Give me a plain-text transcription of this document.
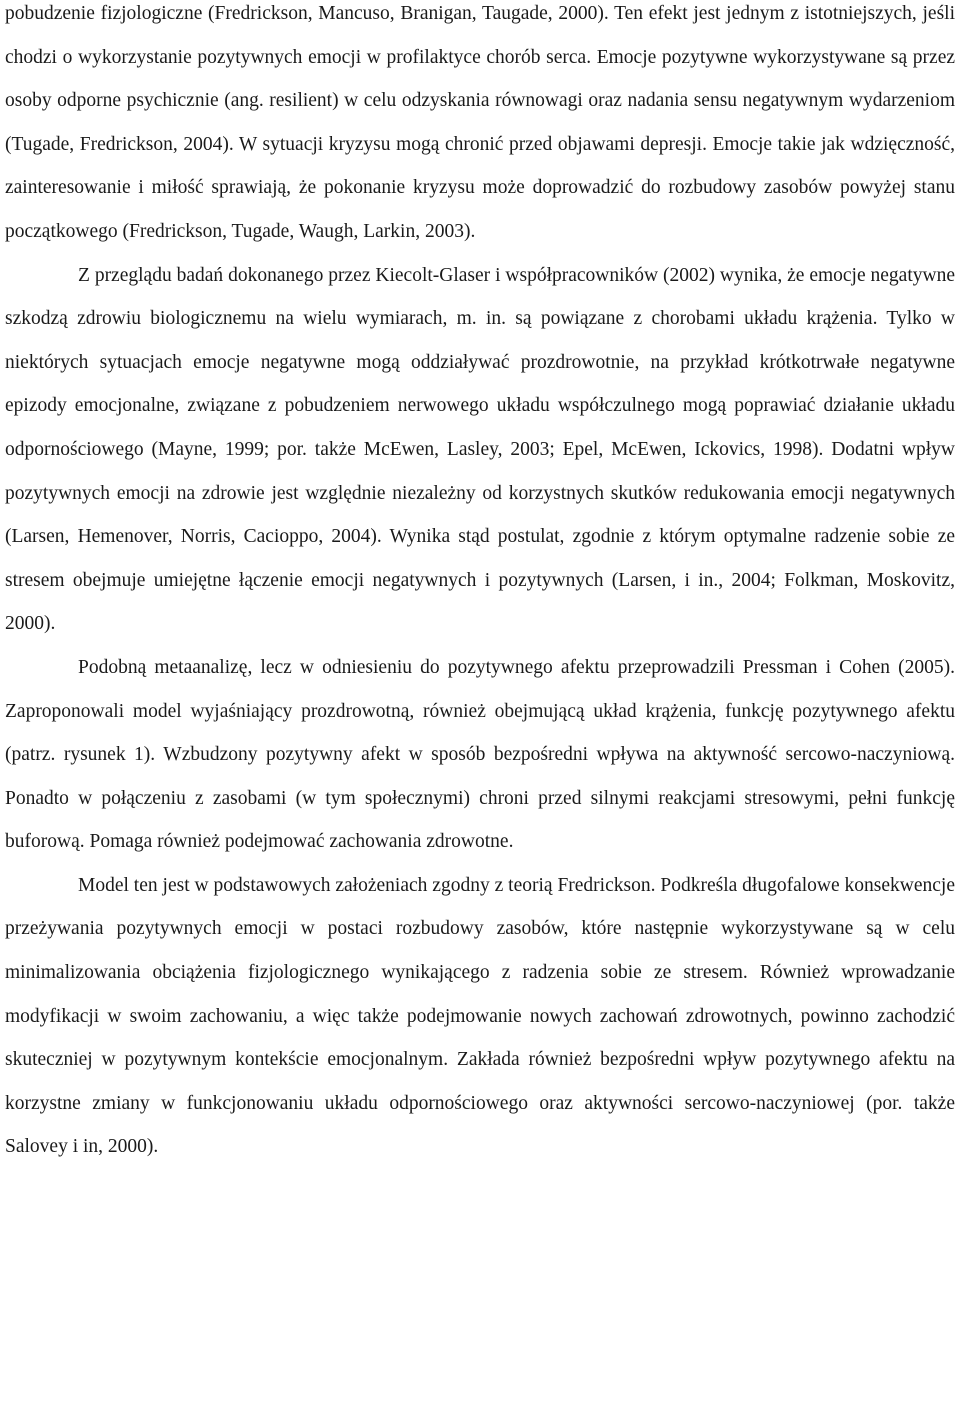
pobudzenie fizjologiczne (Fredrickson, Mancuso, Branigan, Taugade, 2000). Ten efekt jest jednym z istotniejszych, jeśli chodzi o wykorzystanie pozytywnych emocji w profilaktyce chorób serca. Emocje pozytywne wykorzystywane są przez osoby odporne psychicznie (ang. resilient) w celu odzyskania równowagi oraz nadania sensu negatywnym wydarzeniom (Tugade, Fredrickson, 2004). W sytuacji kryzysu mogą chronić przed objawami depresji. Emocje takie jak wdzięczność, zainteresowanie i miłość sprawiają, że pokonanie kryzysu może doprowadzić do rozbudowy zasobów powyżej stanu początkowego (Fredrickson, Tugade, Waugh, Larkin, 2003).

Z przeglądu badań dokonanego przez Kiecolt-Glaser i współpracowników (2002) wynika, że emocje negatywne szkodzą zdrowiu biologicznemu na wielu wymiarach, m. in. są powiązane z chorobami układu krążenia. Tylko w niektórych sytuacjach emocje negatywne mogą oddziaływać prozdrowotnie, na przykład krótkotrwałe negatywne epizody emocjonalne, związane z pobudzeniem nerwowego układu współczulnego mogą poprawiać działanie układu odpornościowego (Mayne, 1999; por. także McEwen, Lasley, 2003; Epel, McEwen, Ickovics, 1998). Dodatni wpływ pozytywnych emocji na zdrowie jest względnie niezależny od korzystnych skutków redukowania emocji negatywnych (Larsen, Hemenover, Norris, Cacioppo, 2004). Wynika stąd postulat, zgodnie z którym optymalne radzenie sobie ze stresem obejmuje umiejętne łączenie emocji negatywnych i pozytywnych (Larsen, i in., 2004; Folkman, Moskovitz, 2000).

Podobną metaanalizę, lecz w odniesieniu do pozytywnego afektu przeprowadzili Pressman i Cohen (2005). Zaproponowali model wyjaśniający prozdrowotną, również obejmującą układ krążenia, funkcję pozytywnego afektu (patrz. rysunek 1). Wzbudzony pozytywny afekt w sposób bezpośredni wpływa na aktywność sercowo-naczyniową. Ponadto w połączeniu z zasobami (w tym społecznymi) chroni przed silnymi reakcjami stresowymi, pełni funkcję buforową. Pomaga również podejmować zachowania zdrowotne.

Model ten jest w podstawowych założeniach zgodny z teorią Fredrickson. Podkreśla długofalowe konsekwencje przeżywania pozytywnych emocji w postaci rozbudowy zasobów, które następnie wykorzystywane są w celu minimalizowania obciążenia fizjologicznego wynikającego z radzenia sobie ze stresem. Również wprowadzanie modyfikacji w swoim zachowaniu, a więc także podejmowanie nowych zachowań zdrowotnych, powinno zachodzić skuteczniej w pozytywnym kontekście emocjonalnym. Zakłada również bezpośredni wpływ pozytywnego afektu na korzystne zmiany w funkcjonowaniu układu odpornościowego oraz aktywności sercowo-naczyniowej (por. także Salovey i in, 2000).
